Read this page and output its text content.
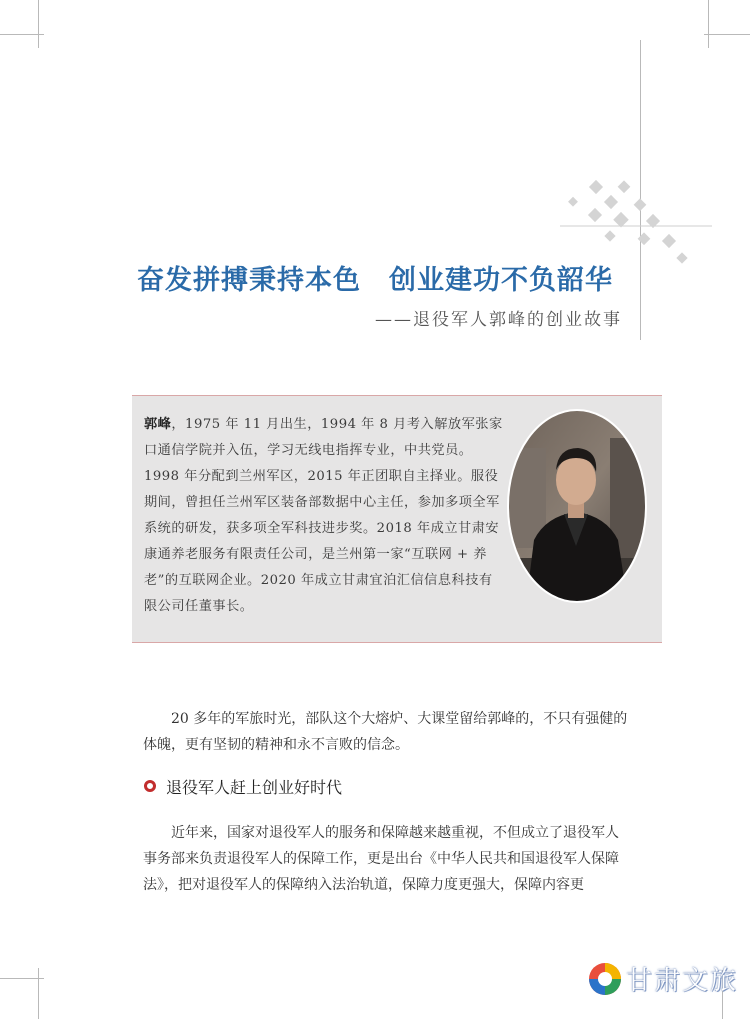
奋发拼搏秉持本色　创业建功不负韶华
——退役军人郭峰的创业故事

郭峰，1975 年 11 月出生，1994 年 8 月考入解放军张家口通信学院并入伍，学习无线电指挥专业，中共党员。1998 年分配到兰州军区，2015 年正团职自主择业。服役期间，曾担任兰州军区装备部数据中心主任，参加多项全军系统的研发，获多项全军科技进步奖。2018 年成立甘肃安康通养老服务有限责任公司，是兰州第一家“互联网 + 养老”的互联网企业。2020 年成立甘肃宜泊汇信信息科技有限公司任董事长。

20 多年的军旅时光，部队这个大熔炉、大课堂留给郭峰的，不只有强健的体魄，更有坚韧的精神和永不言败的信念。

退役军人赶上创业好时代

近年来，国家对退役军人的服务和保障越来越重视，不但成立了退役军人事务部来负责退役军人的保障工作，更是出台《中华人民共和国退役军人保障法》，把对退役军人的保障纳入法治轨道，保障力度更强大，保障内容更

甘肃文旅
